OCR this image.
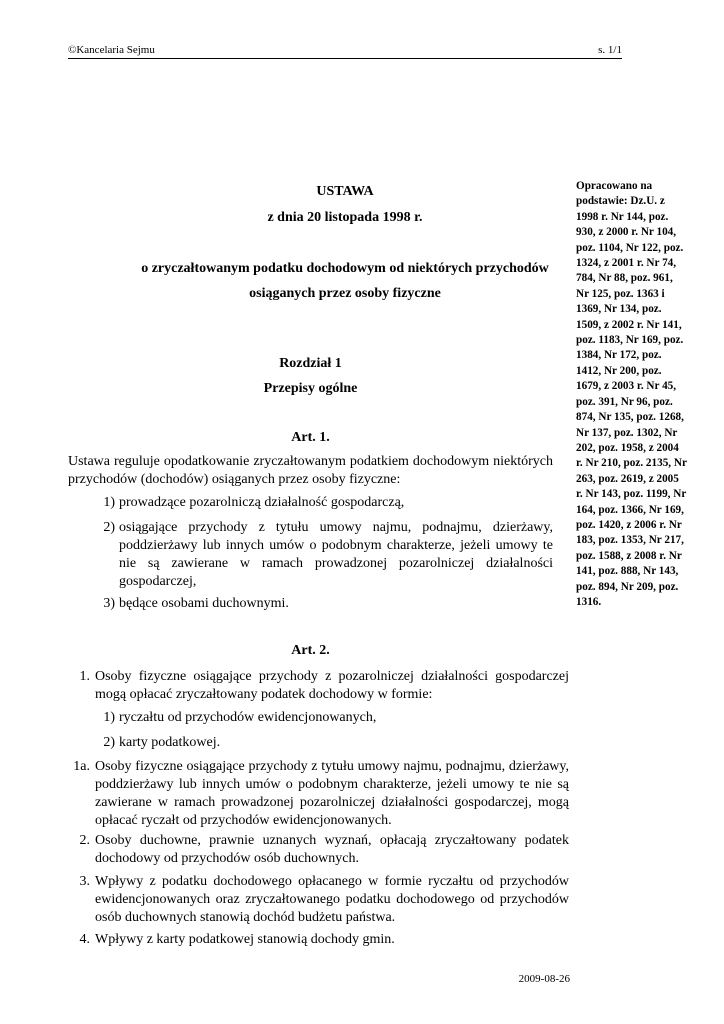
©Kancelaria Sejmu	s. 1/1
USTAWA
z dnia 20 listopada 1998 r.
o zryczałtowanym podatku dochodowym od niektórych przychodów
osiąganych przez osoby fizyczne
Opracowano na podstawie: Dz.U. z 1998 r. Nr 144, poz. 930, z 2000 r. Nr 104, poz. 1104, Nr 122, poz. 1324, z 2001 r. Nr 74, 784, Nr 88, poz. 961, Nr 125, poz. 1363 i 1369, Nr 134, poz. 1509, z 2002 r. Nr 141, poz. 1183, Nr 169, poz. 1384, Nr 172, poz. 1412, Nr 200, poz. 1679, z 2003 r. Nr 45, poz. 391, Nr 96, poz. 874, Nr 135, poz. 1268, Nr 137, poz. 1302, Nr 202, poz. 1958, z 2004 r. Nr 210, poz. 2135, Nr 263, poz. 2619, z 2005 r. Nr 143, poz. 1199, Nr 164, poz. 1366, Nr 169, poz. 1420, z 2006 r. Nr 183, poz. 1353, Nr 217, poz. 1588, z 2008 r. Nr 141, poz. 888, Nr 143, poz. 894, Nr 209, poz. 1316.
Rozdział 1
Przepisy ogólne
Art. 1.
Ustawa reguluje opodatkowanie zryczałtowanym podatkiem dochodowym niektórych przychodów (dochodów) osiąganych przez osoby fizyczne:
1) prowadzące pozarolniczą działalność gospodarczą,
2) osiągające przychody z tytułu umowy najmu, podnajmu, dzierżawy, poddzierżawy lub innych umów o podobnym charakterze, jeżeli umowy te nie są zawierane w ramach prowadzonej pozarolniczej działalności gospodarczej,
3) będące osobami duchownymi.
Art. 2.
1. Osoby fizyczne osiągające przychody z pozarolniczej działalności gospodarczej mogą opłacać zryczałtowany podatek dochodowy w formie:
1) ryczałtu od przychodów ewidencjonowanych,
2) karty podatkowej.
1a. Osoby fizyczne osiągające przychody z tytułu umowy najmu, podnajmu, dzierżawy, poddzierżawy lub innych umów o podobnym charakterze, jeżeli umowy te nie są zawierane w ramach prowadzonej pozarolniczej działalności gospodarczej, mogą opłacać ryczałt od przychodów ewidencjonowanych.
2. Osoby duchowne, prawnie uznanych wyznań, opłacają zryczałtowany podatek dochodowy od przychodów osób duchownych.
3. Wpływy z podatku dochodowego opłacanego w formie ryczałtu od przychodów ewidencjonowanych oraz zryczałtowanego podatku dochodowego od przychodów osób duchownych stanowią dochód budżetu państwa.
4. Wpływy z karty podatkowej stanowią dochody gmin.
2009-08-26
